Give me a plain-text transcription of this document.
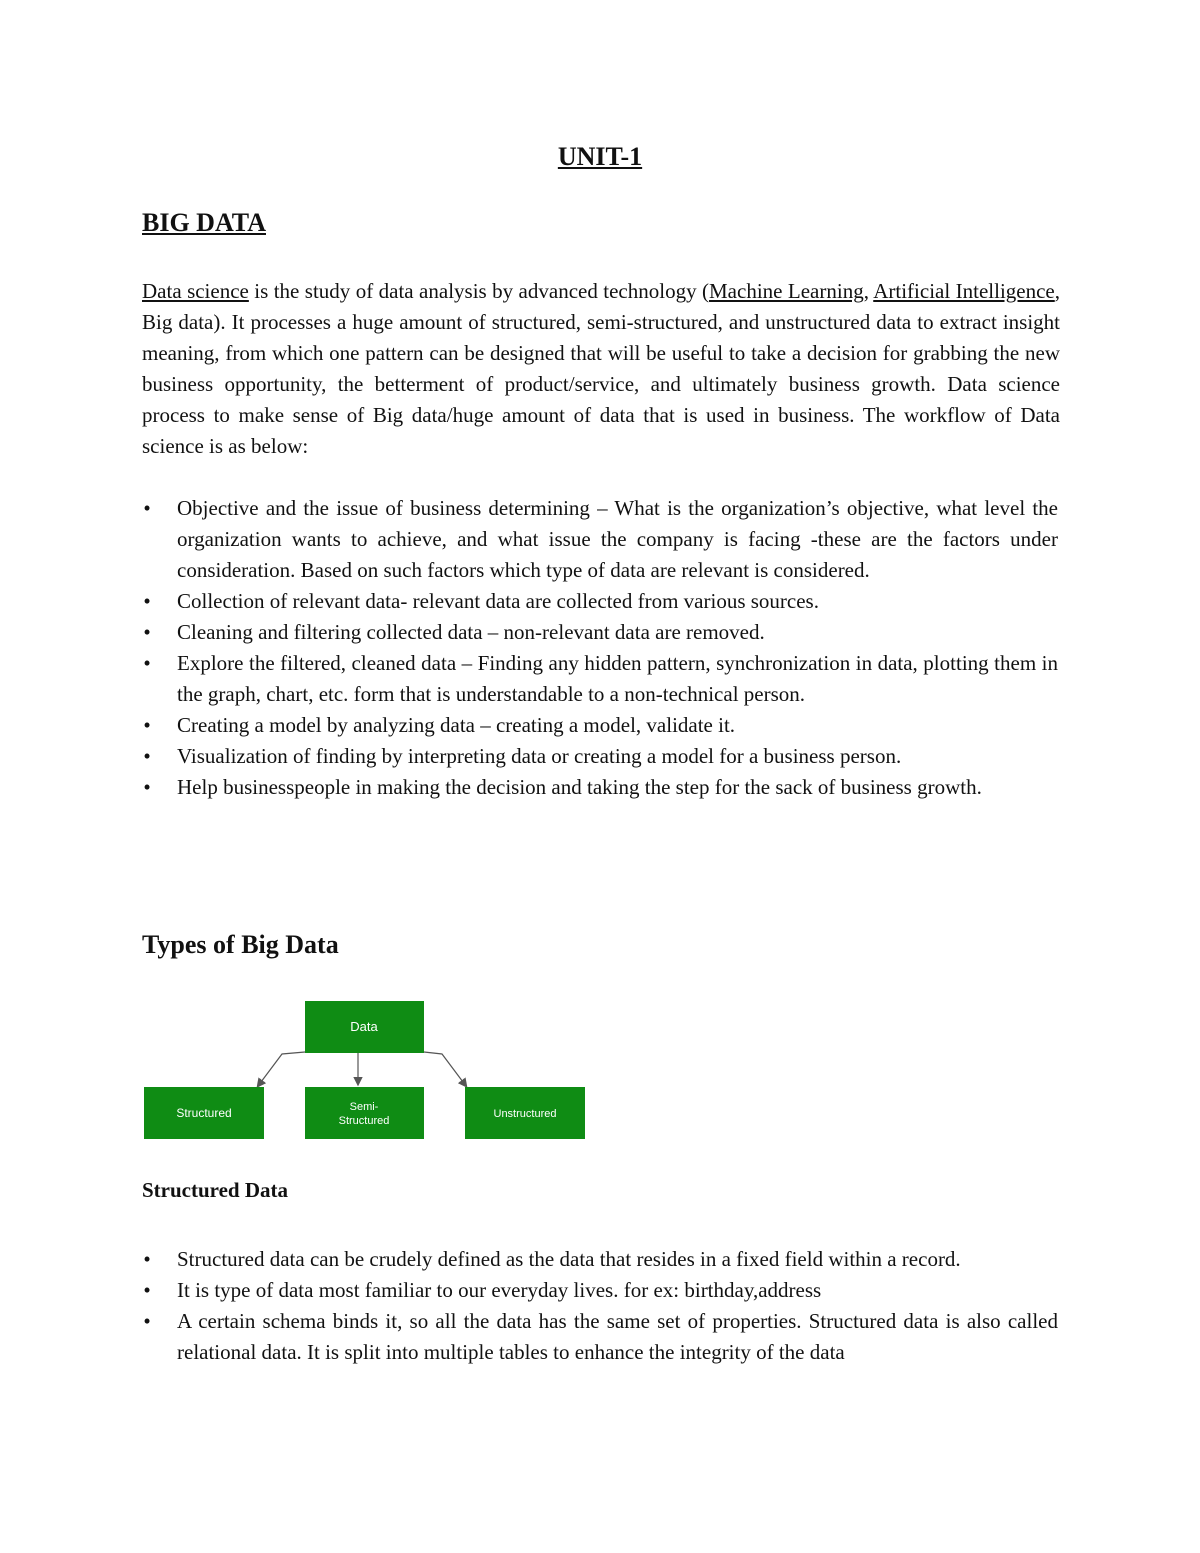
UNIT-1
BIG DATA

Data science is the study of data analysis by advanced technology (Machine Learning, Artificial Intelligence, Big data). It processes a huge amount of structured, semi-structured, and unstructured data to extract insight meaning, from which one pattern can be designed that will be useful to take a decision for grabbing the new business opportunity, the betterment of product/service, and ultimately business growth. Data science process to make sense of Big data/huge amount of data that is used in business. The workflow of Data science is as below:

• Objective and the issue of business determining – What is the organization’s objective, what level the organization wants to achieve, and what issue the company is facing -these are the factors under consideration. Based on such factors which type of data are relevant is considered.
• Collection of relevant data- relevant data are collected from various sources.
• Cleaning and filtering collected data – non-relevant data are removed.
• Explore the filtered, cleaned data – Finding any hidden pattern, synchronization in data, plotting them in the graph, chart, etc. form that is understandable to a non-technical person.
• Creating a model by analyzing data – creating a model, validate it.
• Visualization of finding by interpreting data or creating a model for a business person.
• Help businesspeople in making the decision and taking the step for the sack of business growth.
Types of Big Data
Data
Structured	Semi-
Structured
Unstructured
Structured Data
• Structured data can be crudely defined as the data that resides in a fixed field within a record.
• It is type of data most familiar to our everyday lives. for ex: birthday,address
• A certain schema binds it, so all the data has the same set of properties. Structured data is also called relational data. It is split into multiple tables to enhance the integrity of the data
